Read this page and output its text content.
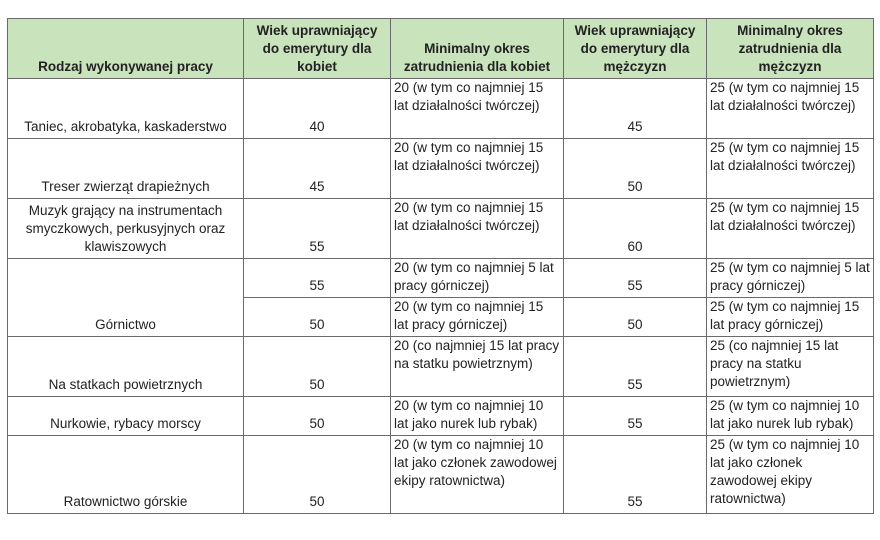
Rodzaj wykonywanej pracy	Wiek uprawniający do emerytury dla kobiet	Minimalny okres zatrudnienia dla kobiet	Wiek uprawniający do emerytury dla mężczyzn	Minimalny okres zatrudnienia dla mężczyzn
Taniec, akrobatyka, kaskaderstwo	40	20 (w tym co najmniej 15 lat działalności twórczej)	45	25 (w tym co najmniej 15 lat działalności twórczej)
Treser zwierząt drapieżnych	45	20 (w tym co najmniej 15 lat działalności twórczej)	50	25 (w tym co najmniej 15 lat działalności twórczej)
Muzyk grający na instrumentach smyczkowych, perkusyjnych oraz klawiszowych	55	20 (w tym co najmniej 15 lat działalności twórczej)	60	25 (w tym co najmniej 15 lat działalności twórczej)
Górnictwo	55	20 (w tym co najmniej 5 lat pracy górniczej)	55	25 (w tym co najmniej 5 lat pracy górniczej)
	50	20 (w tym co najmniej 15 lat pracy górniczej)	50	25 (w tym co najmniej 15 lat pracy górniczej)
Na statkach powietrznych	50	20 (co najmniej 15 lat pracy na statku powietrznym)	55	25 (co najmniej 15 lat pracy na statku powietrznym)
Nurkowie, rybacy morscy	50	20 (w tym co najmniej 10 lat jako nurek lub rybak)	55	25 (w tym co najmniej 10 lat jako nurek lub rybak)
Ratownictwo górskie	50	20 (w tym co najmniej 10 lat jako członek zawodowej ekipy ratownictwa)	55	25 (w tym co najmniej 10 lat jako członek zawodowej ekipy ratownictwa)
